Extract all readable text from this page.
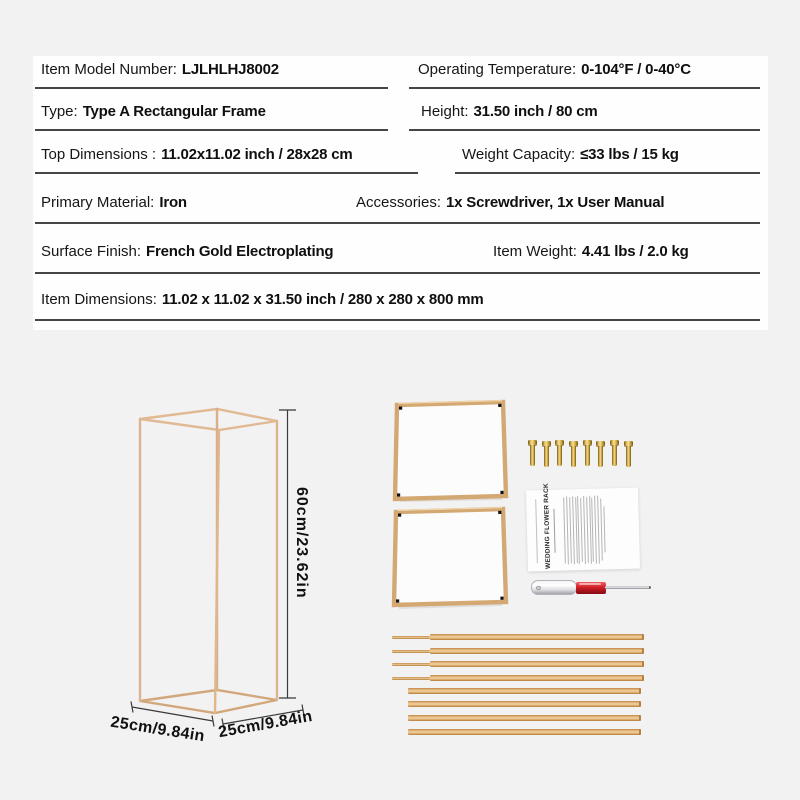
Item Model Number: LJLHLHJ8002	Operating Temperature: 0-104°F / 0-40°C
Type: Type A Rectangular Frame	Height: 31.50 inch / 80 cm
Top Dimensions : 11.02x11.02 inch / 28x28 cm	Weight Capacity: ≤33 lbs / 15 kg
Primary Material: Iron	Accessories: 1x Screwdriver, 1x User Manual
Surface Finish: French Gold Electroplating	Item Weight: 4.41 lbs / 2.0 kg
Item Dimensions: 11.02 x 11.02 x 31.50 inch / 280 x 280 x 800 mm
60cm/23.62in
25cm/9.84in 25cm/9.84in
WEDDING FLOWER RACK
